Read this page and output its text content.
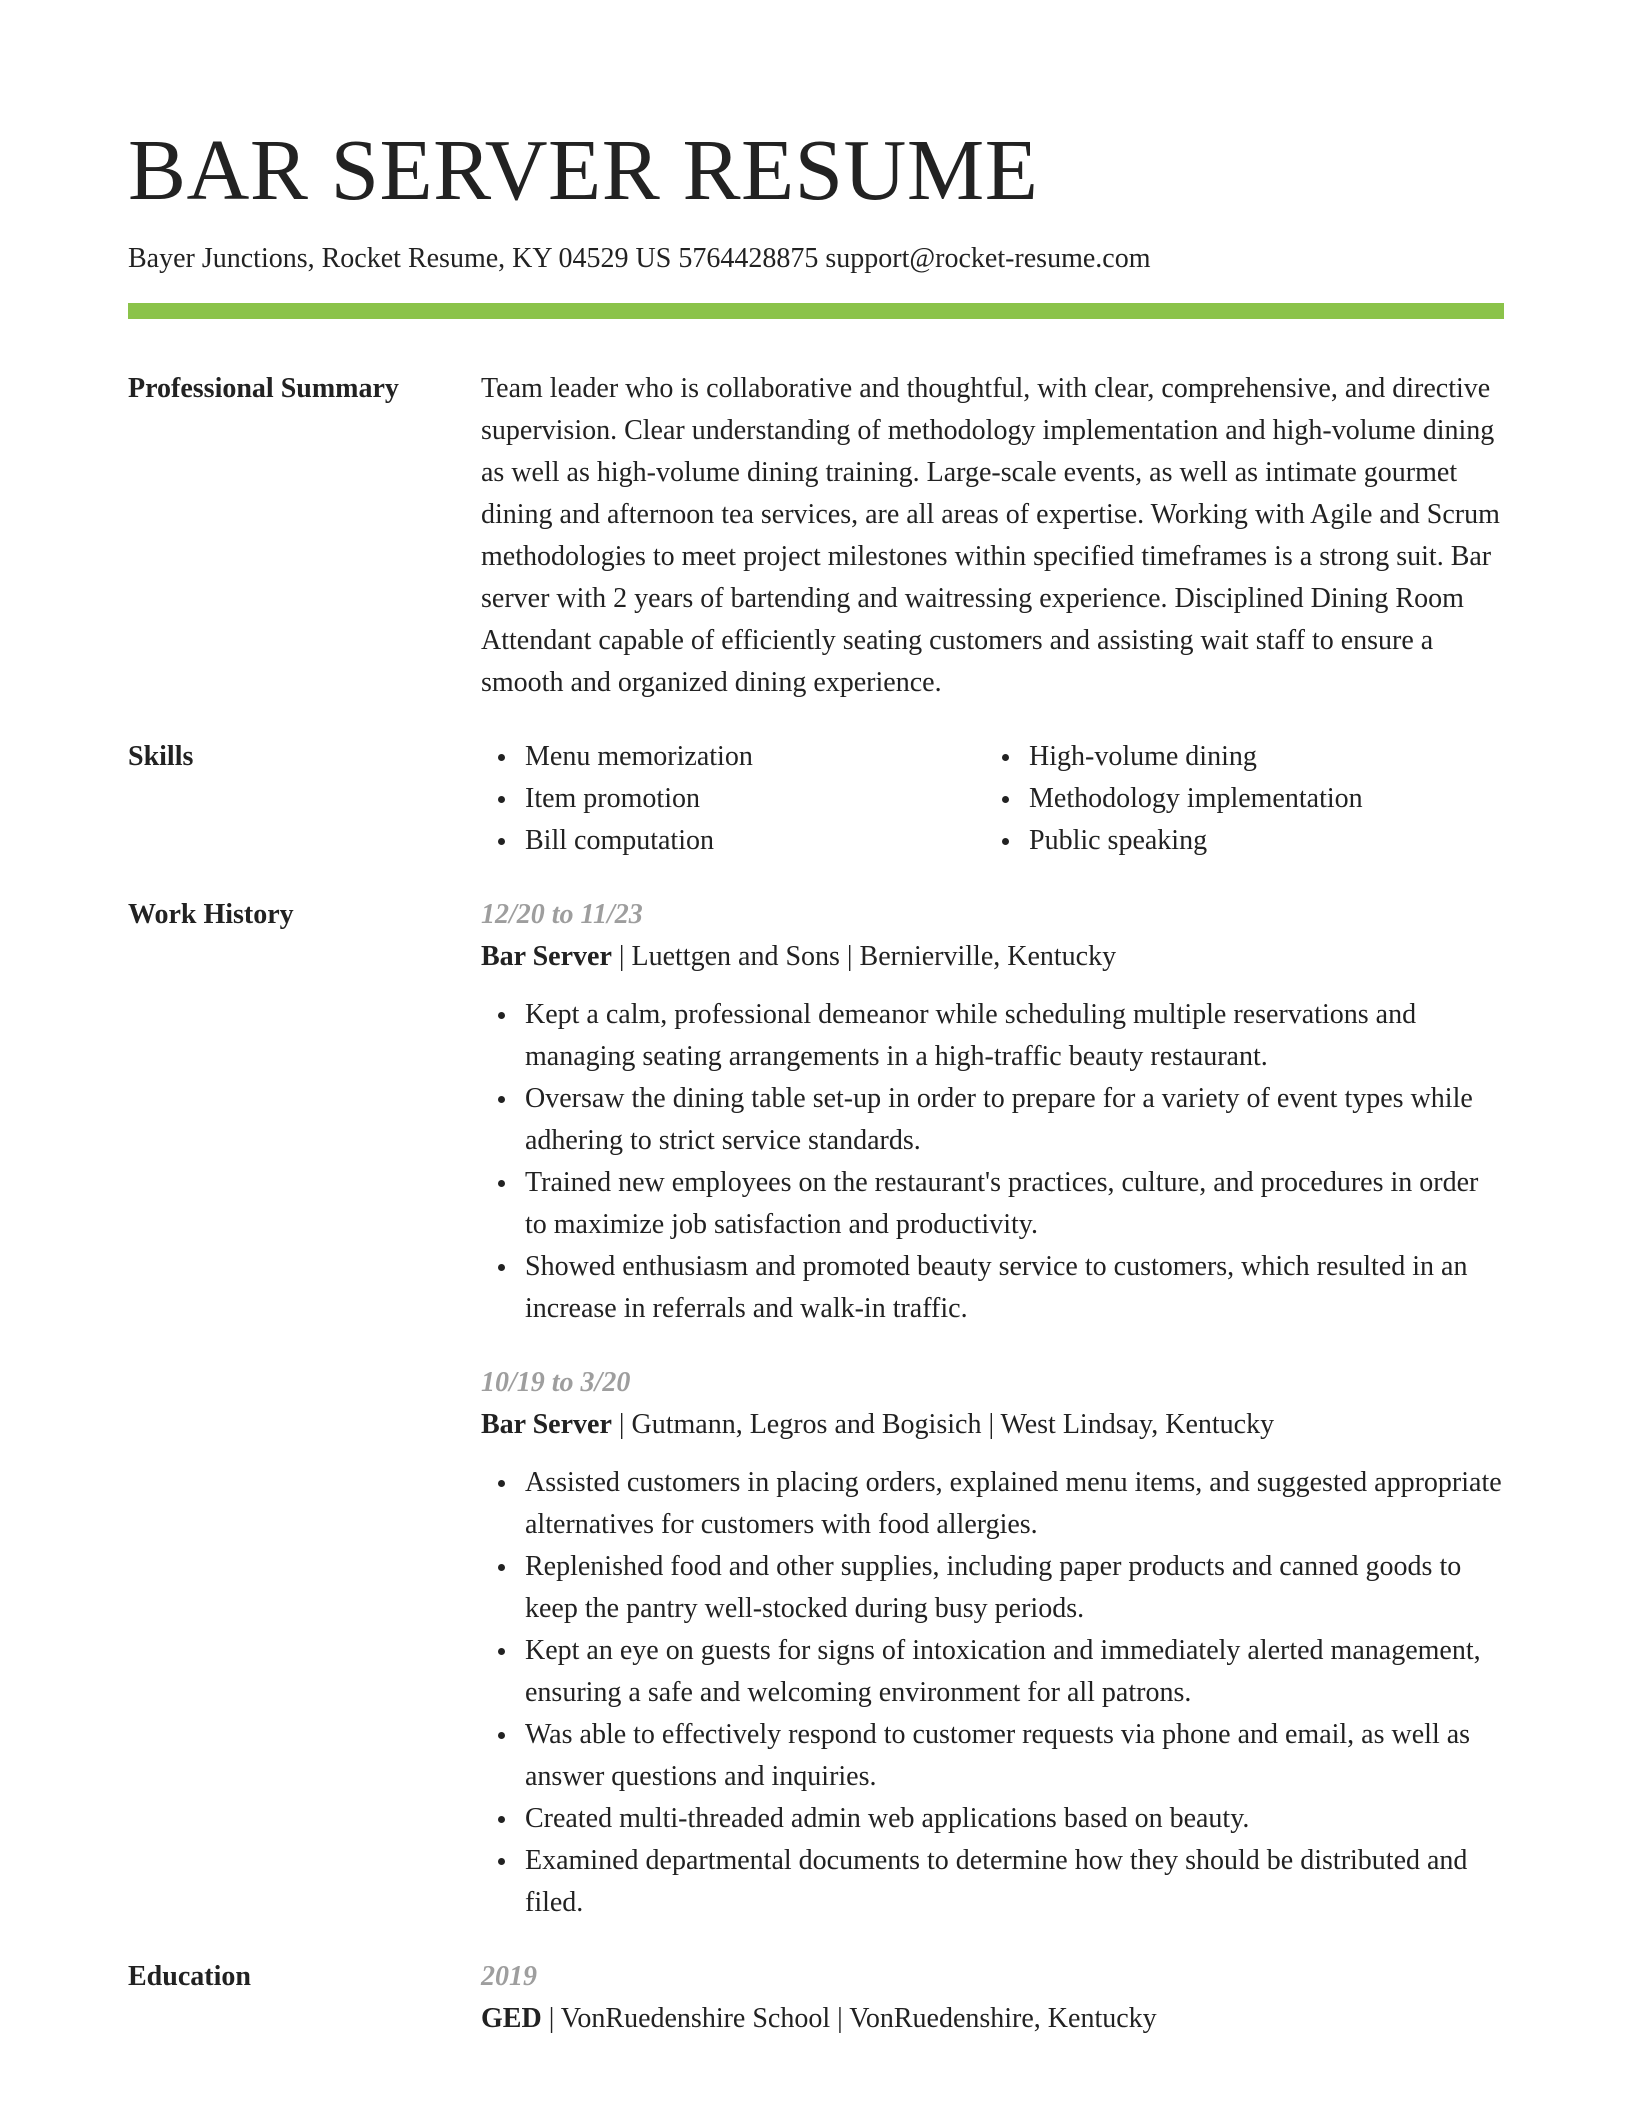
BAR SERVER RESUME
Bayer Junctions, Rocket Resume, KY 04529 US 5764428875 support@rocket-resume.com
Professional Summary	Team leader who is collaborative and thoughtful, with clear, comprehensive, and directive supervision. Clear understanding of methodology implementation and high-volume dining as well as high-volume dining training. Large-scale events, as well as intimate gourmet dining and afternoon tea services, are all areas of expertise. Working with Agile and Scrum methodologies to meet project milestones within specified timeframes is a strong suit. Bar server with 2 years of bartending and waitressing experience. Disciplined Dining Room Attendant capable of efficiently seating customers and assisting wait staff to ensure a smooth and organized dining experience.

Skills	Menu memorization
Item promotion
Bill computation
High-volume dining
Methodology implementation
Public speaking
Work History	12/20 to 11/23
Bar Server | Luettgen and Sons | Bernierville, Kentucky
Kept a calm, professional demeanor while scheduling multiple reservations and managing seating arrangements in a high-traffic beauty restaurant.
Oversaw the dining table set-up in order to prepare for a variety of event types while adhering to strict service standards.
Trained new employees on the restaurant's practices, culture, and procedures in order to maximize job satisfaction and productivity.
Showed enthusiasm and promoted beauty service to customers, which resulted in an increase in referrals and walk-in traffic.
10/19 to 3/20
Bar Server | Gutmann, Legros and Bogisich | West Lindsay, Kentucky
Assisted customers in placing orders, explained menu items, and suggested appropriate alternatives for customers with food allergies.
Replenished food and other supplies, including paper products and canned goods to keep the pantry well-stocked during busy periods.
Kept an eye on guests for signs of intoxication and immediately alerted management, ensuring a safe and welcoming environment for all patrons.
Was able to effectively respond to customer requests via phone and email, as well as answer questions and inquiries.
Created multi-threaded admin web applications based on beauty.
Examined departmental documents to determine how they should be distributed and filed.
Education	2019
GED | VonRuedenshire School | VonRuedenshire, Kentucky
